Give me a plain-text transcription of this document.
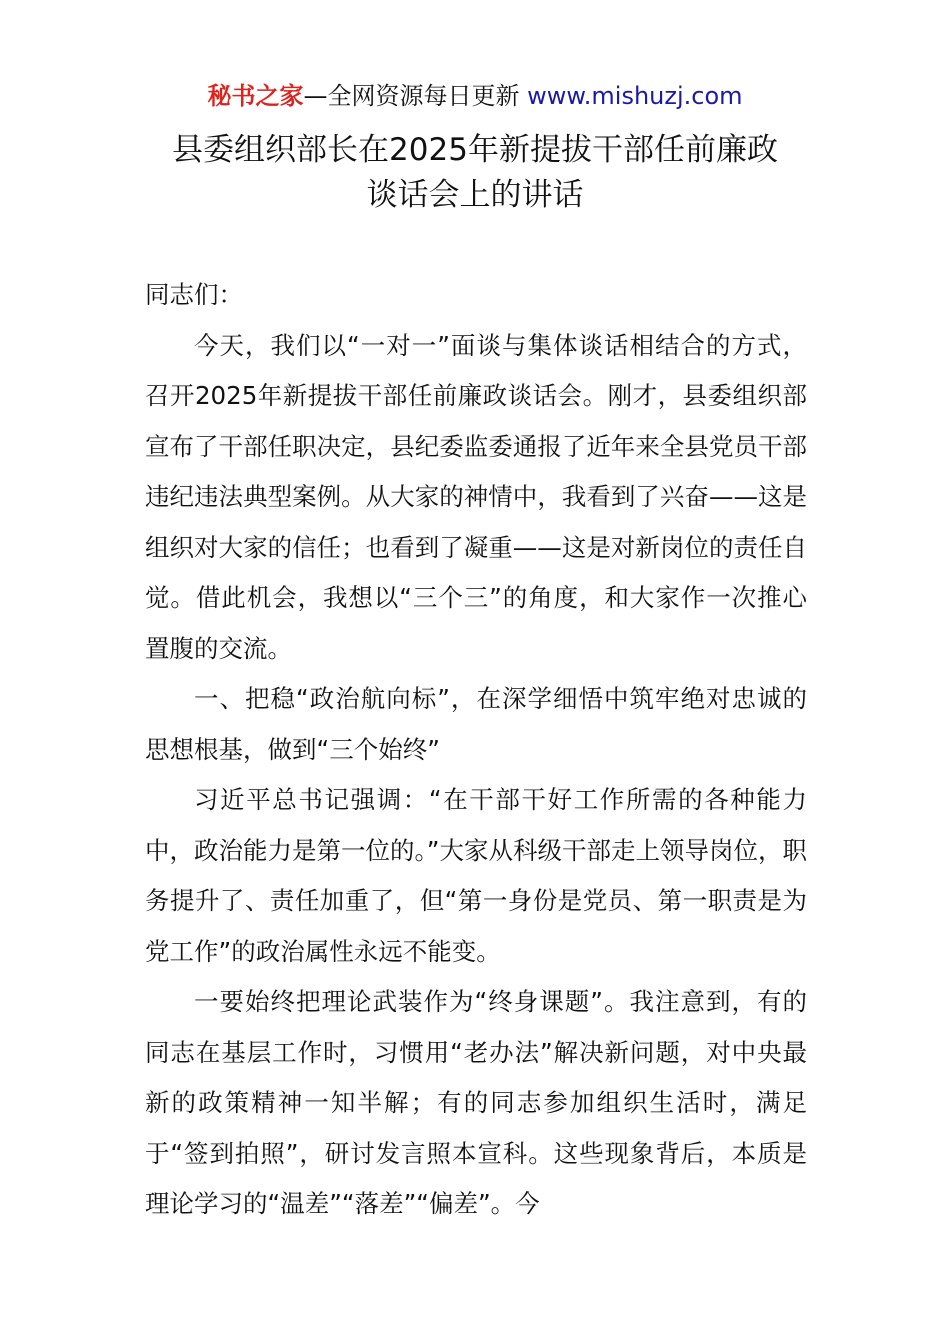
秘书之家—全网资源每日更新 www.mishuzj.com
县委组织部长在2025年新提拔干部任前廉政
谈话会上的讲话

同志们：

今天，我们以“一对一”面谈与集体谈话相结合的方式，召开2025年新提拔干部任前廉政谈话会。刚才，县委组织部宣布了干部任职决定，县纪委监委通报了近年来全县党员干部违纪违法典型案例。从大家的神情中，我看到了兴奋——这是组织对大家的信任；也看到了凝重——这是对新岗位的责任自觉。借此机会，我想以“三个三”的角度，和大家作一次推心置腹的交流。

一、把稳“政治航向标”，在深学细悟中筑牢绝对忠诚的思想根基，做到“三个始终”

习近平总书记强调：“在干部干好工作所需的各种能力中，政治能力是第一位的。”大家从科级干部走上领导岗位，职务提升了、责任加重了，但“第一身份是党员、第一职责是为党工作”的政治属性永远不能变。

一要始终把理论武装作为“终身课题”。我注意到，有的同志在基层工作时，习惯用“老办法”解决新问题，对中央最新的政策精神一知半解；有的同志参加组织生活时，满足于“签到拍照”，研讨发言照本宣科。这些现象背后，本质是理论学习的“温差”“落差”“偏差”。今
